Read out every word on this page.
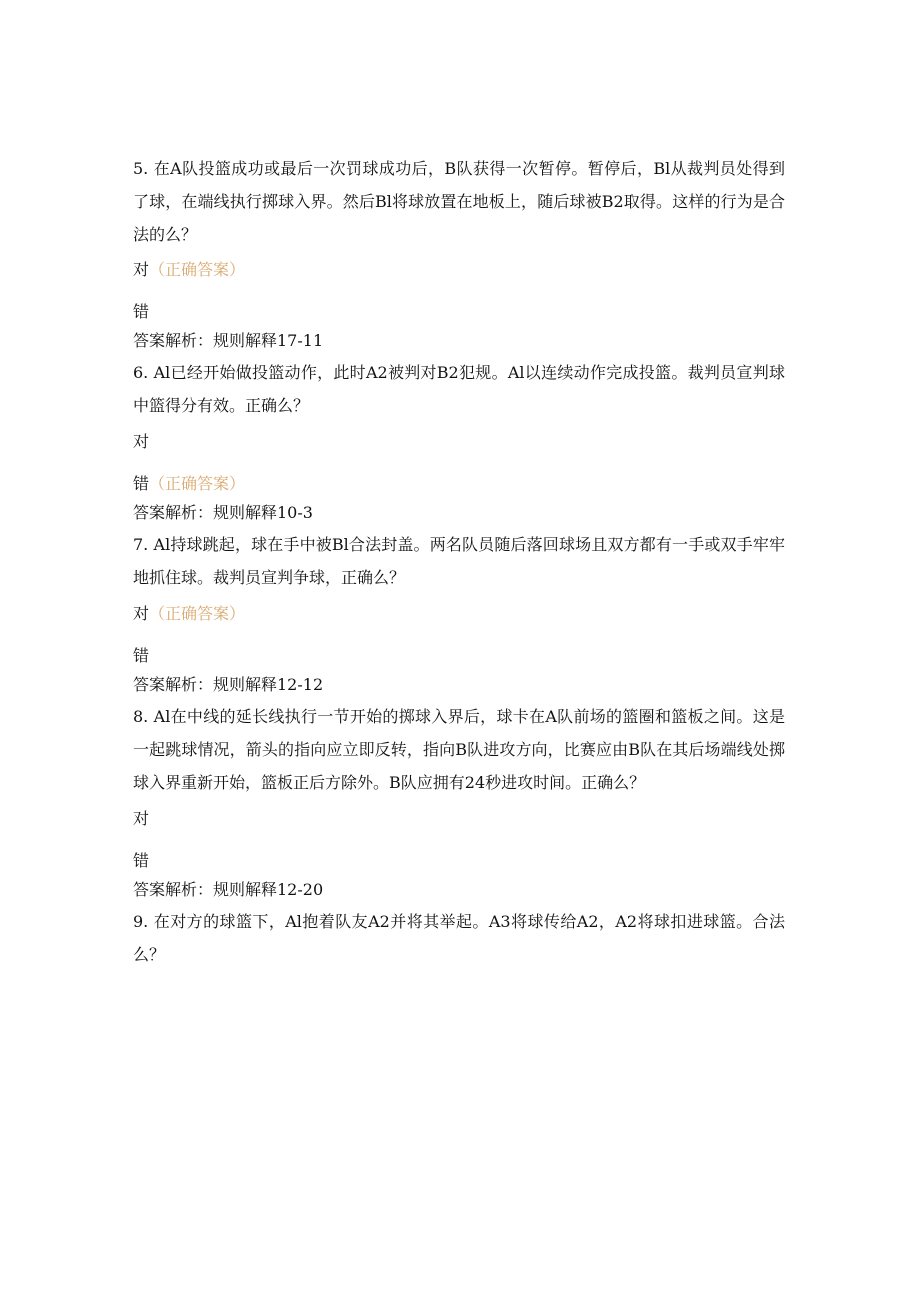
5. 在A队投篮成功或最后一次罚球成功后，B队获得一次暂停。暂停后，Bl从裁判员处得到了球，在端线执行掷球入界。然后Bl将球放置在地板上，随后球被B2取得。这样的行为是合法的么？

对（正确答案）

错

答案解析：规则解释17-11

6. Al已经开始做投篮动作，此时A2被判对B2犯规。Al以连续动作完成投篮。裁判员宣判球中篮得分有效。正确么？

对

错（正确答案）

答案解析：规则解释10-3

7. Al持球跳起，球在手中被Bl合法封盖。两名队员随后落回球场且双方都有一手或双手牢牢地抓住球。裁判员宣判争球，正确么？

对（正确答案）

错

答案解析：规则解释12-12

8. Al在中线的延长线执行一节开始的掷球入界后，球卡在A队前场的篮圈和篮板之间。这是一起跳球情况，箭头的指向应立即反转，指向B队进攻方向，比赛应由B队在其后场端线处掷球入界重新开始，篮板正后方除外。B队应拥有24秒进攻时间。正确么？

对

错

答案解析：规则解释12-20

9. 在对方的球篮下，Al抱着队友A2并将其举起。A3将球传给A2，A2将球扣进球篮。合法么？
